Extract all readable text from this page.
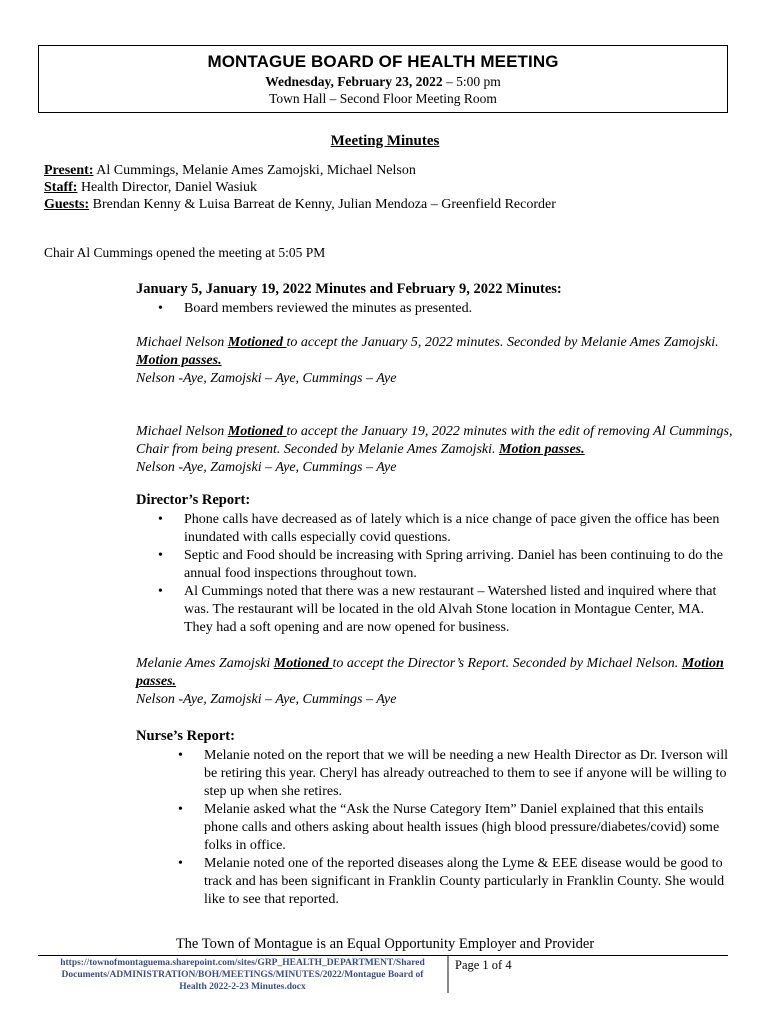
MONTAGUE BOARD OF HEALTH MEETING
Wednesday, February 23, 2022 – 5:00 pm
Town Hall – Second Floor Meeting Room
Meeting Minutes
Present: Al Cummings, Melanie Ames Zamojski, Michael Nelson
Staff: Health Director, Daniel Wasiuk
Guests: Brendan Kenny & Luisa Barreat de Kenny, Julian Mendoza – Greenfield Recorder
Chair Al Cummings opened the meeting at 5:05 PM
January 5, January 19, 2022 Minutes and February 9, 2022 Minutes:
• Board members reviewed the minutes as presented.
Michael Nelson Motioned to accept the January 5, 2022 minutes. Seconded by Melanie Ames Zamojski. Motion passes.
Nelson -Aye, Zamojski – Aye, Cummings – Aye
Michael Nelson Motioned to accept the January 19, 2022 minutes with the edit of removing Al Cummings, Chair from being present. Seconded by Melanie Ames Zamojski. Motion passes.
Nelson -Aye, Zamojski – Aye, Cummings – Aye
Director’s Report:
• Phone calls have decreased as of lately which is a nice change of pace given the office has been inundated with calls especially covid questions.
• Septic and Food should be increasing with Spring arriving. Daniel has been continuing to do the annual food inspections throughout town.
• Al Cummings noted that there was a new restaurant – Watershed listed and inquired where that was. The restaurant will be located in the old Alvah Stone location in Montague Center, MA. They had a soft opening and are now opened for business.
Melanie Ames Zamojski Motioned to accept the Director’s Report. Seconded by Michael Nelson. Motion passes.
Nelson -Aye, Zamojski – Aye, Cummings – Aye
Nurse’s Report:
• Melanie noted on the report that we will be needing a new Health Director as Dr. Iverson will be retiring this year. Cheryl has already outreached to them to see if anyone will be willing to step up when she retires.
• Melanie asked what the “Ask the Nurse Category Item” Daniel explained that this entails phone calls and others asking about health issues (high blood pressure/diabetes/covid) some folks in office.
• Melanie noted one of the reported diseases along the Lyme & EEE disease would be good to track and has been significant in Franklin County particularly in Franklin County. She would like to see that reported.
The Town of Montague is an Equal Opportunity Employer and Provider
https://townofmontaguema.sharepoint.com/sites/GRP_HEALTH_DEPARTMENT/Shared
Documents/ADMINISTRATION/BOH/MEETINGS/MINUTES/2022/Montague Board of
Health 2022-2-23 Minutes.docx
Page 1 of 4
